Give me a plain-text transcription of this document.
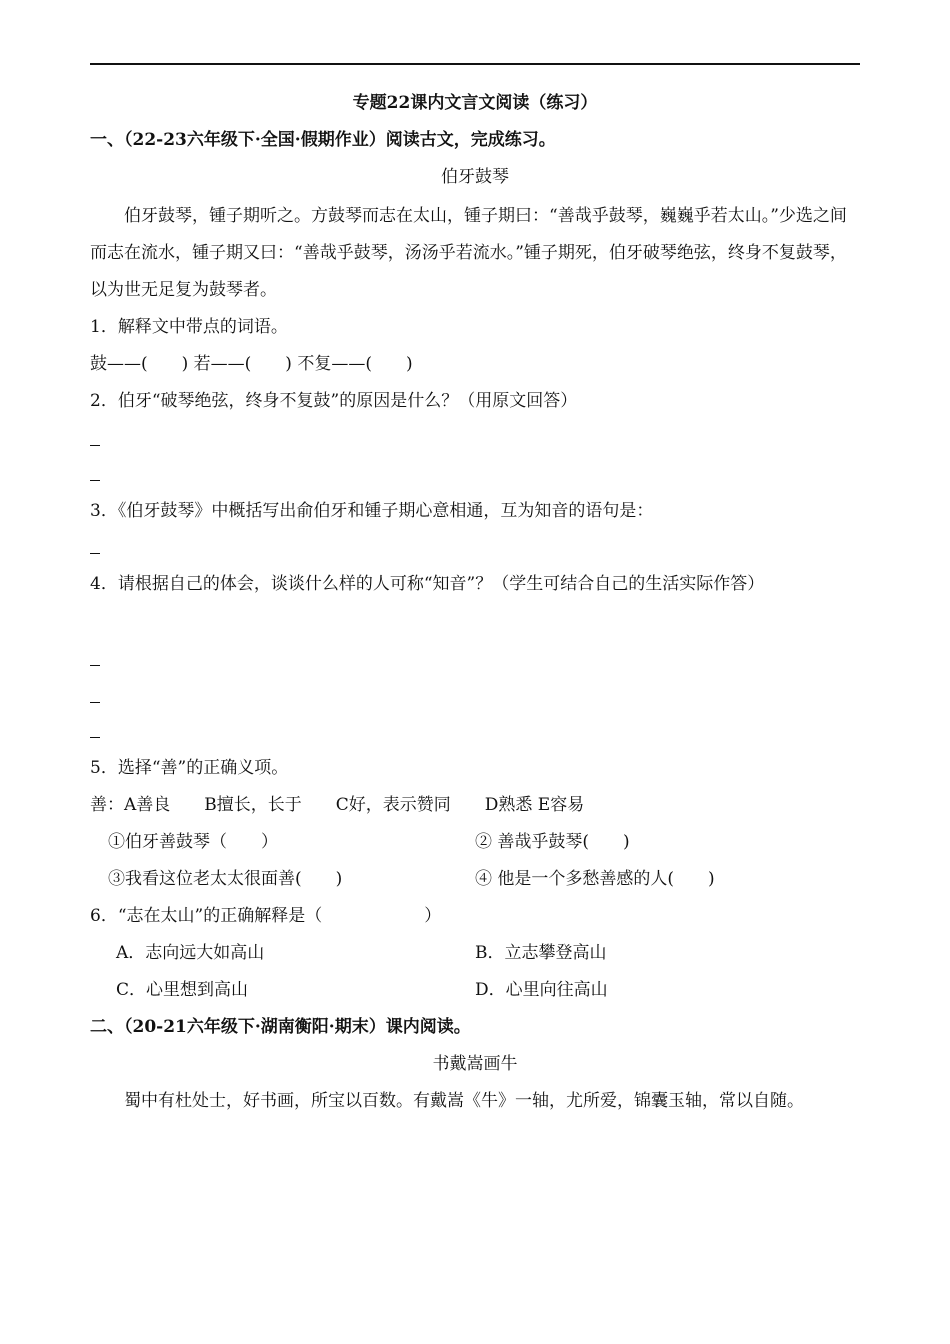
专题22课内文言文阅读（练习）
一、（22-23六年级下·全国·假期作业）阅读古文，完成练习。
伯牙鼓琴
伯牙鼓琴，锺子期听之。方鼓琴而志在太山，锺子期曰：“善哉乎鼓琴，巍巍乎若太山。”少选之间而志在流水，锺子期又曰：“善哉乎鼓琴，汤汤乎若流水。”锺子期死，伯牙破琴绝弦，终身不复鼓琴，以为世无足复为鼓琴者。
1．解释文中带点的词语。
鼓——(　　) 若——(　　) 不复——(　　)
2．伯牙“破琴绝弦，终身不复鼓”的原因是什么？（用原文回答）
3．《伯牙鼓琴》中概括写出俞伯牙和锺子期心意相通，互为知音的语句是：
4．请根据自己的体会，谈谈什么样的人可称“知音”？（学生可结合自己的生活实际作答）
5．选择“善”的正确义项。
善：A善良　　B擅长，长于　　C好，表示赞同　　D熟悉 E容易
①伯牙善鼓琴（　　）	② 善哉乎鼓琴(　　)
③我看这位老太太很面善(　　)	④ 他是一个多愁善感的人(　　)
6．“志在太山”的正确解释是（　　　　　　）
A．志向远大如高山	B．立志攀登高山
C．心里想到高山	D．心里向往高山
二、（20-21六年级下·湖南衡阳·期末）课内阅读。
书戴嵩画牛
蜀中有杜处士，好书画，所宝以百数。有戴嵩《牛》一轴，尤所爱，锦囊玉轴，常以自随。
